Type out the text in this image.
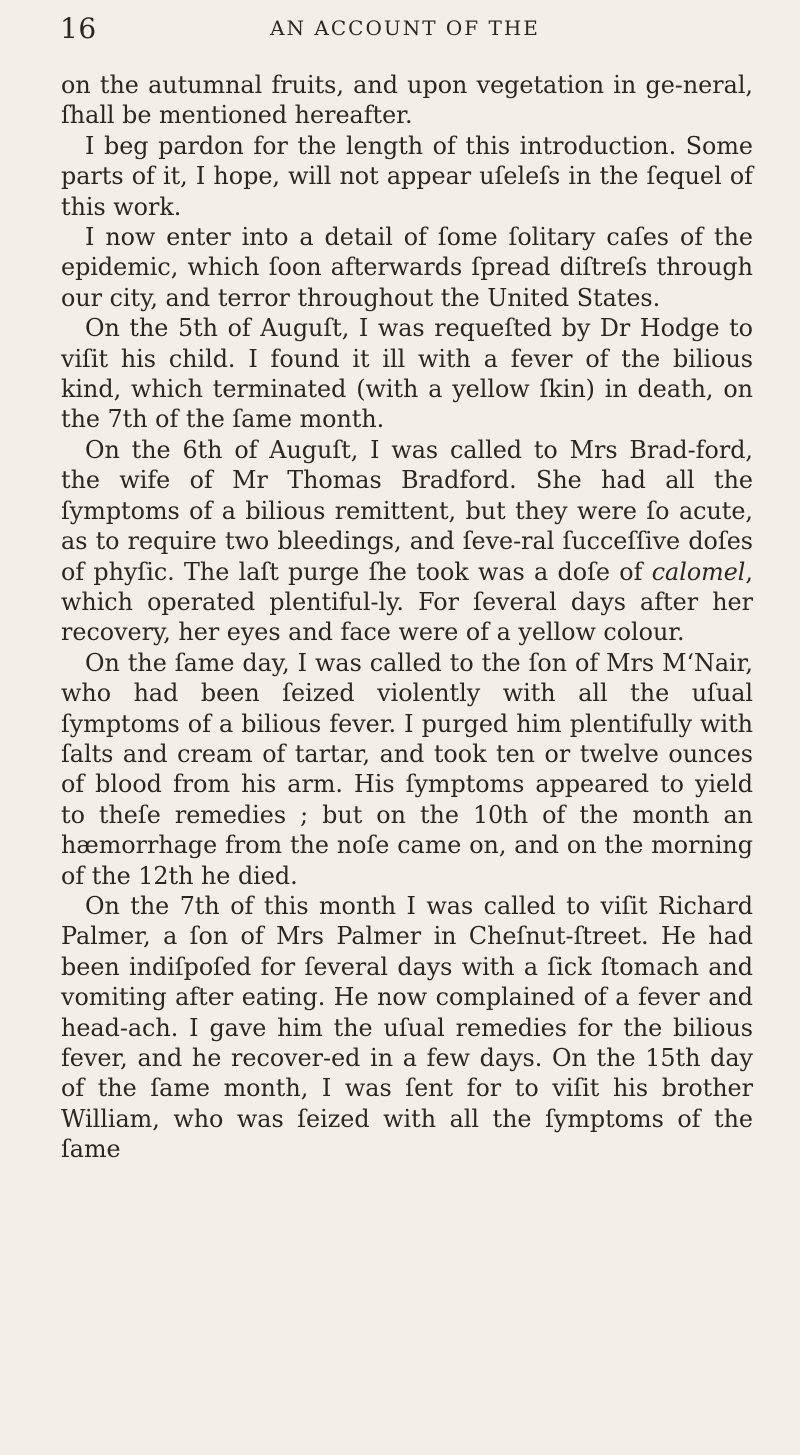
16	AN ACCOUNT OF THE

on the autumnal fruits, and upon vegetation in ge-neral, ſhall be mentioned hereafter.

I beg pardon for the length of this introduction. Some parts of it, I hope, will not appear uſeleſs in the ſequel of this work.

I now enter into a detail of ſome ſolitary caſes of the epidemic, which ſoon afterwards ſpread diſtreſs through our city, and terror throughout the United States.

On the 5th of Auguſt, I was requeſted by Dr Hodge to viſit his child. I found it ill with a fever of the bilious kind, which terminated (with a yellow ſkin) in death, on the 7th of the ſame month.

On the 6th of Auguſt, I was called to Mrs Brad-ford, the wife of Mr Thomas Bradford. She had all the ſymptoms of a bilious remittent, but they were ſo acute, as to require two bleedings, and ſeve-ral ſucceſſive doſes of phyſic. The laſt purge ſhe took was a doſe of calomel, which operated plentiful-ly. For ſeveral days after her recovery, her eyes and face were of a yellow colour.

On the ſame day, I was called to the ſon of Mrs M‘Nair, who had been ſeized violently with all the uſual ſymptoms of a bilious fever. I purged him plentifully with ſalts and cream of tartar, and took ten or twelve ounces of blood from his arm. His ſymptoms appeared to yield to theſe remedies ; but on the 10th of the month an hæmorrhage from the noſe came on, and on the morning of the 12th he died.

On the 7th of this month I was called to viſit Richard Palmer, a ſon of Mrs Palmer in Cheſnut-ſtreet. He had been indiſpoſed for ſeveral days with a ſick ſtomach and vomiting after eating. He now complained of a fever and head-ach. I gave him the uſual remedies for the bilious fever, and he recover-ed in a few days. On the 15th day of the ſame month, I was ſent for to viſit his brother William, who was ſeized with all the ſymptoms of the ſame
